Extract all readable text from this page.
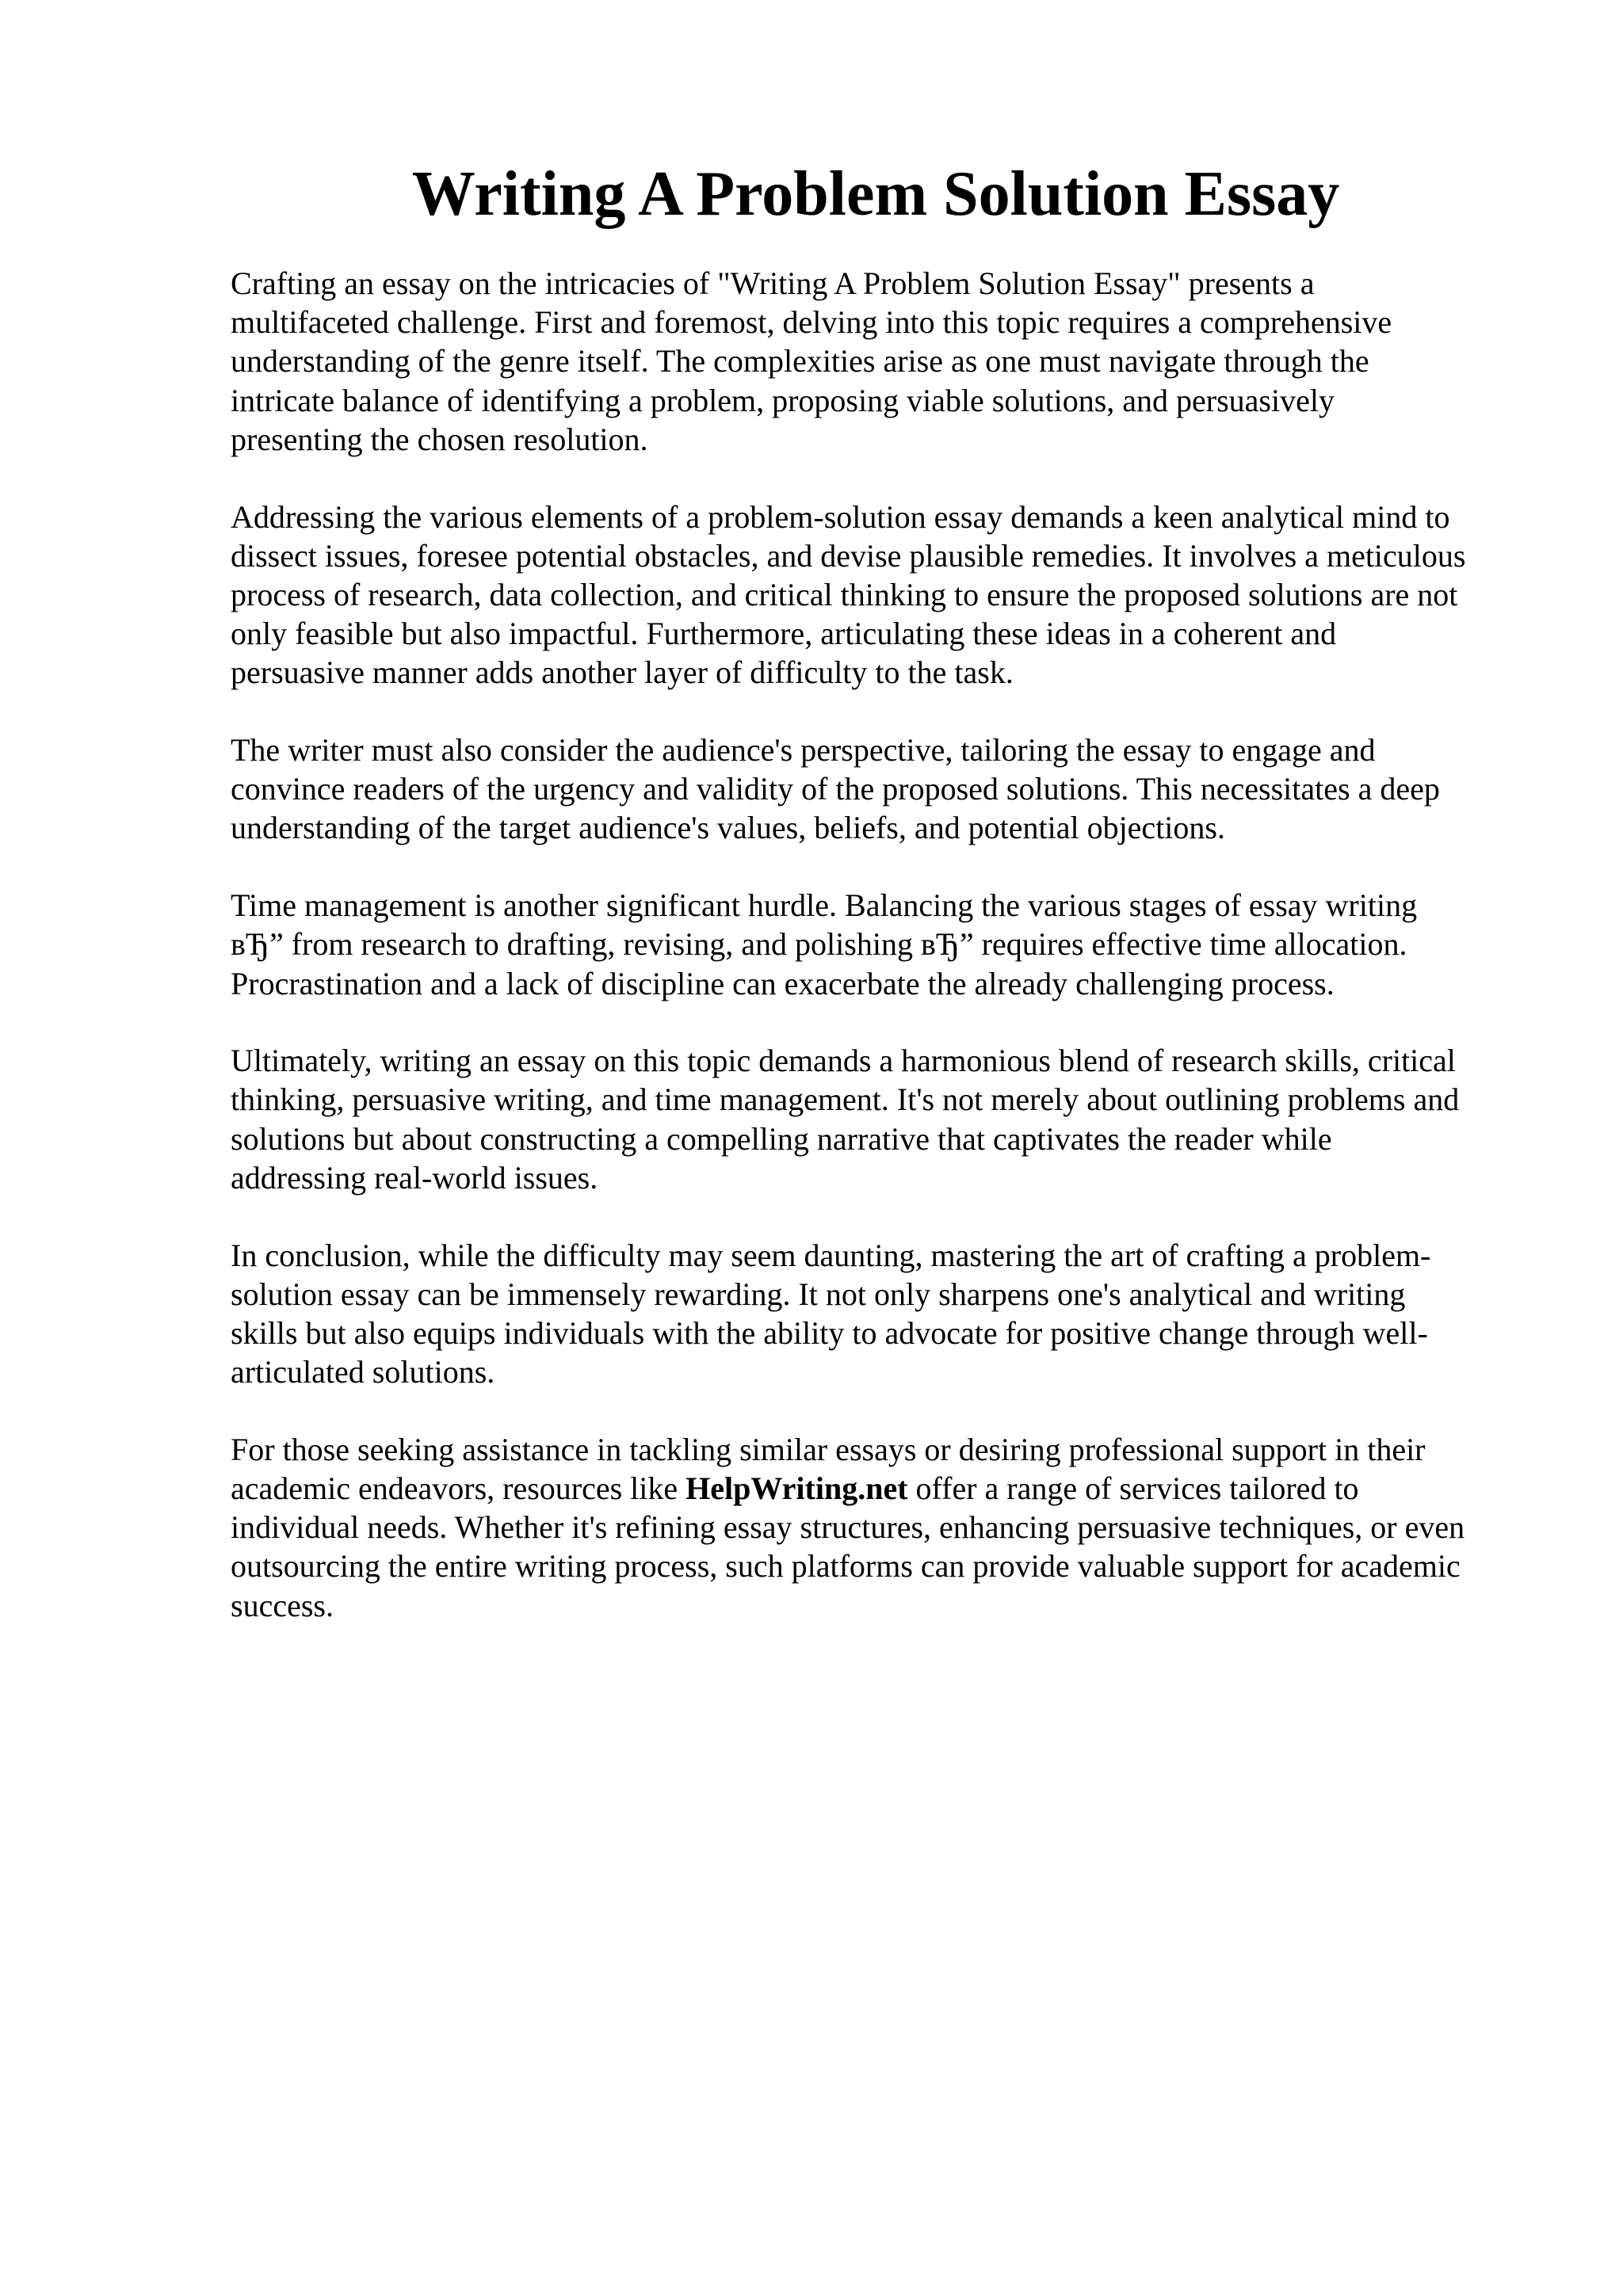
Writing A Problem Solution Essay

Crafting an essay on the intricacies of "Writing A Problem Solution Essay" presents a
multifaceted challenge. First and foremost, delving into this topic requires a comprehensive
understanding of the genre itself. The complexities arise as one must navigate through the
intricate balance of identifying a problem, proposing viable solutions, and persuasively
presenting the chosen resolution.

Addressing the various elements of a problem-solution essay demands a keen analytical mind to
dissect issues, foresee potential obstacles, and devise plausible remedies. It involves a meticulous
process of research, data collection, and critical thinking to ensure the proposed solutions are not
only feasible but also impactful. Furthermore, articulating these ideas in a coherent and
persuasive manner adds another layer of difficulty to the task.

The writer must also consider the audience's perspective, tailoring the essay to engage and
convince readers of the urgency and validity of the proposed solutions. This necessitates a deep
understanding of the target audience's values, beliefs, and potential objections.

Time management is another significant hurdle. Balancing the various stages of essay writing
вЂ” from research to drafting, revising, and polishing вЂ” requires effective time allocation.
Procrastination and a lack of discipline can exacerbate the already challenging process.

Ultimately, writing an essay on this topic demands a harmonious blend of research skills, critical
thinking, persuasive writing, and time management. It's not merely about outlining problems and
solutions but about constructing a compelling narrative that captivates the reader while
addressing real-world issues.

In conclusion, while the difficulty may seem daunting, mastering the art of crafting a problem-
solution essay can be immensely rewarding. It not only sharpens one's analytical and writing
skills but also equips individuals with the ability to advocate for positive change through well-
articulated solutions.

For those seeking assistance in tackling similar essays or desiring professional support in their
academic endeavors, resources like HelpWriting.net offer a range of services tailored to
individual needs. Whether it's refining essay structures, enhancing persuasive techniques, or even
outsourcing the entire writing process, such platforms can provide valuable support for academic
success.
